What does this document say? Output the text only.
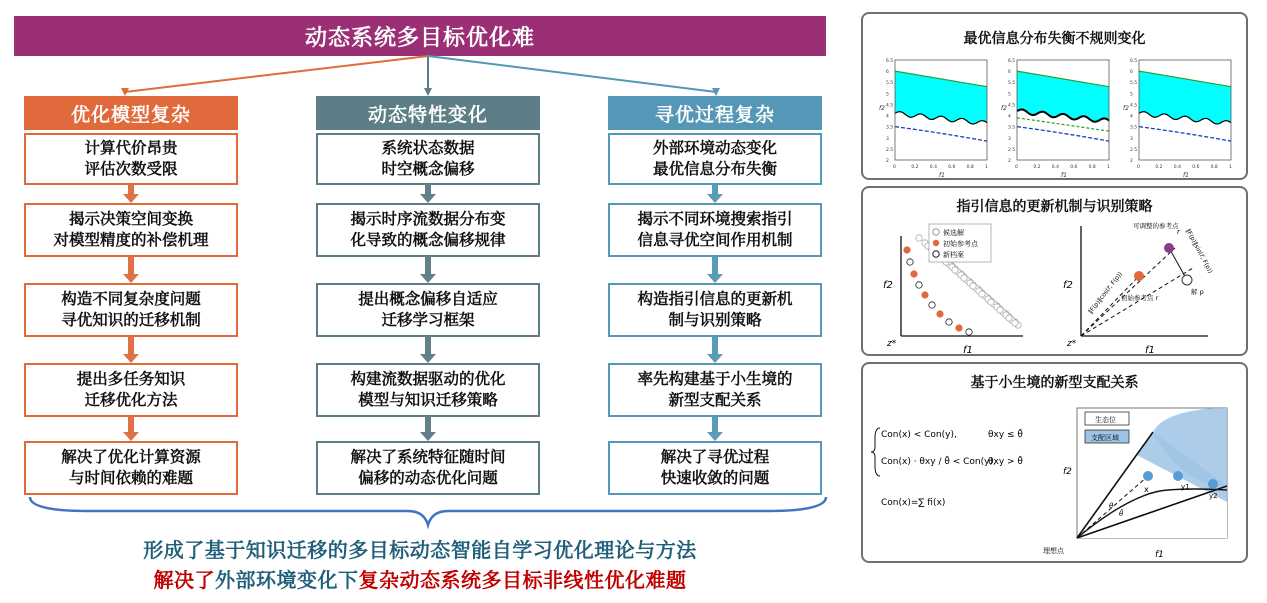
动态系统多目标优化难
优化模型复杂
计算代价昂贵
评估次数受限
揭示决策空间变换
对模型精度的补偿机理
构造不同复杂度问题
寻优知识的迁移机制
提出多任务知识
迁移优化方法
解决了优化计算资源
与时间依赖的难题
动态特性变化
系统状态数据
时空概念偏移
揭示时序流数据分布变
化导致的概念偏移规律
提出概念偏移自适应
迁移学习框架
构建流数据驱动的优化
模型与知识迁移策略
解决了系统特征随时间
偏移的动态优化问题
寻优过程复杂
外部环境动态变化
最优信息分布失衡
揭示不同环境搜索指引
信息寻优空间作用机制
构造指引信息的更新机
制与识别策略
率先构建基于小生境的
新型支配关系
解决了寻优过程
快速收敛的问题
形成了基于知识迁移的多目标动态智能自学习优化理论与方法
解决了外部环境变化下复杂动态系统多目标非线性优化难题
最优信息分布失衡不规则变化
6.5
6
5.5
5
4.5
4
3.5
3
2.5
2
0	0.2 0.4 0.6 0.8 1
f1
f2
6.5
6
5.5
5
4.5
4
3.5
3
2.5
2
0	0.2 0.4 0.6 0.8 1
f1
f2
6.5
6
5.5
5
4.5
4
3.5
3
2.5
2
0	0.2 0.4 0.6 0.8 1
f1
f2
指引信息的更新机制与识别策略
f2
f1
z*
候选解
初始参考点
新档案
f2
f1
z*
可调整的参考点
初始参考点 r
解 p
‖F(p)‖sin(r⃗, F(p))
‖F(p)‖cos(r⃗, F(p))
r
基于小生境的新型支配关系
Con(x) < Con(y),	θxy ≤ θ̄
Con(x) · θxy / θ̄ < Con(y),
θxy > θ̄
Con(x)=∑ fi(x)
x	y1
y2
θ
θ̄
生态位
支配区域
f2
f1
理想点
